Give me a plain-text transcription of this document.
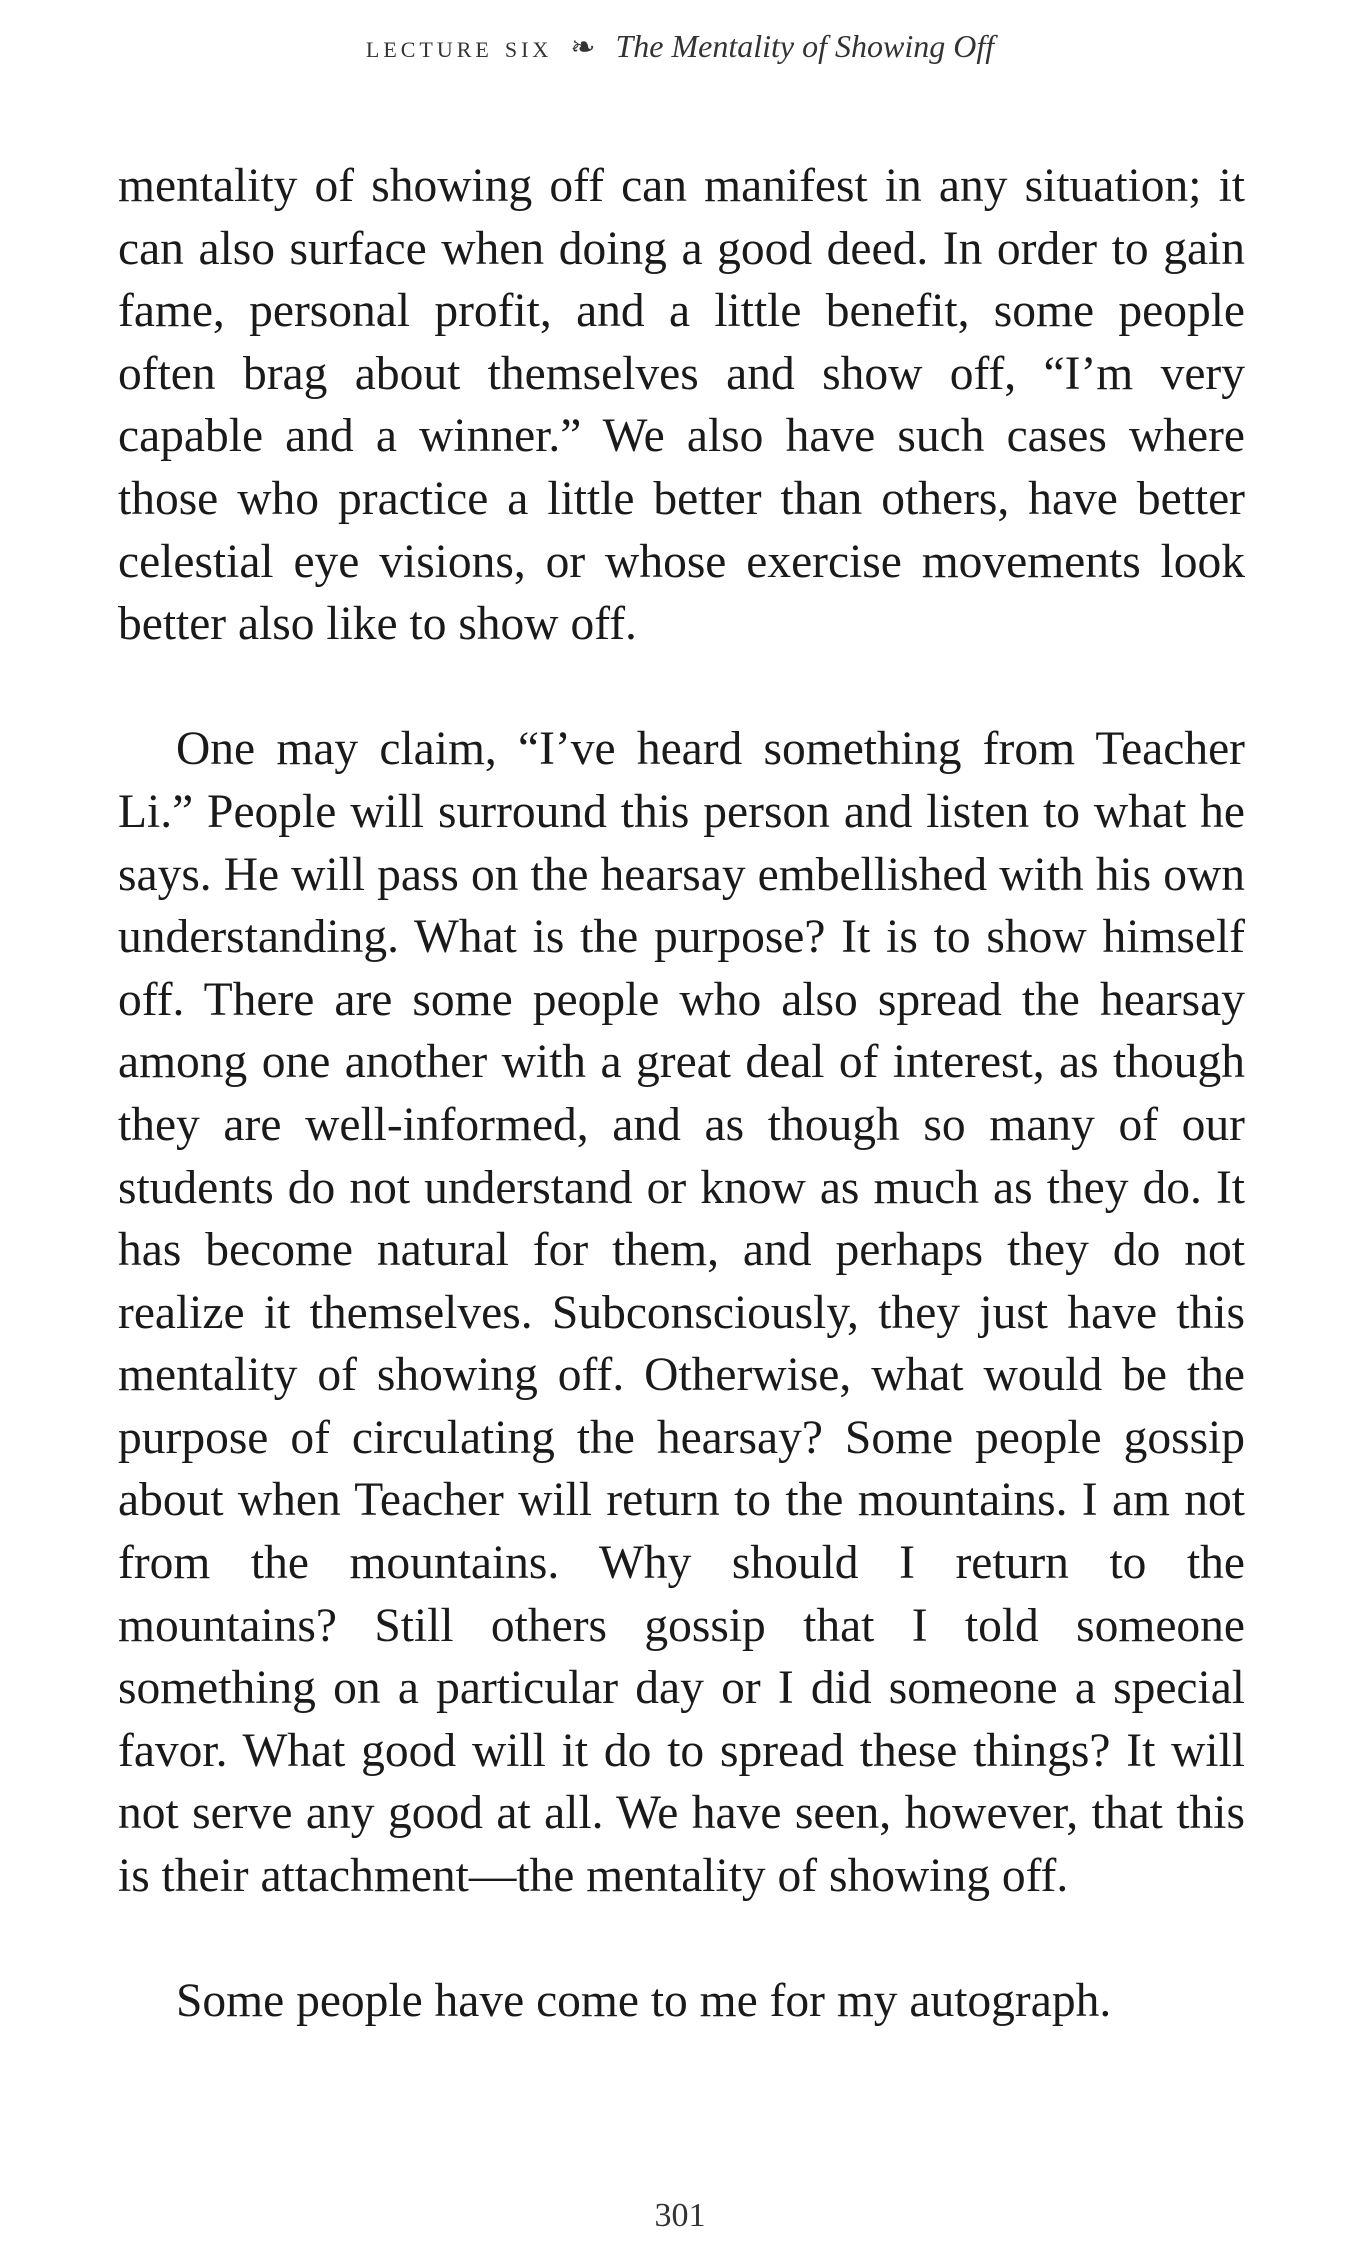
lecture six ❧ The Mentality of Showing Off

mentality of showing off can manifest in any situation; it can also surface when doing a good deed. In order to gain fame, personal profit, and a little benefit, some people often brag about themselves and show off, “I’m very capable and a winner.” We also have such cases where those who practice a little better than others, have better celestial eye visions, or whose exercise movements look better also like to show off.

One may claim, “I’ve heard something from Teacher Li.” People will surround this person and listen to what he says. He will pass on the hearsay embellished with his own understanding. What is the purpose? It is to show himself off. There are some people who also spread the hearsay among one another with a great deal of interest, as though they are well-informed, and as though so many of our students do not understand or know as much as they do. It has become natural for them, and perhaps they do not realize it themselves. Subconsciously, they just have this mentality of showing off. Otherwise, what would be the purpose of circulating the hearsay? Some people gossip about when Teacher will return to the mountains. I am not from the mountains. Why should I return to the mountains? Still others gossip that I told someone something on a particular day or I did someone a special favor. What good will it do to spread these things? It will not serve any good at all. We have seen, however, that this is their attachment—the mentality of showing off.

Some people have come to me for my autograph.

301
